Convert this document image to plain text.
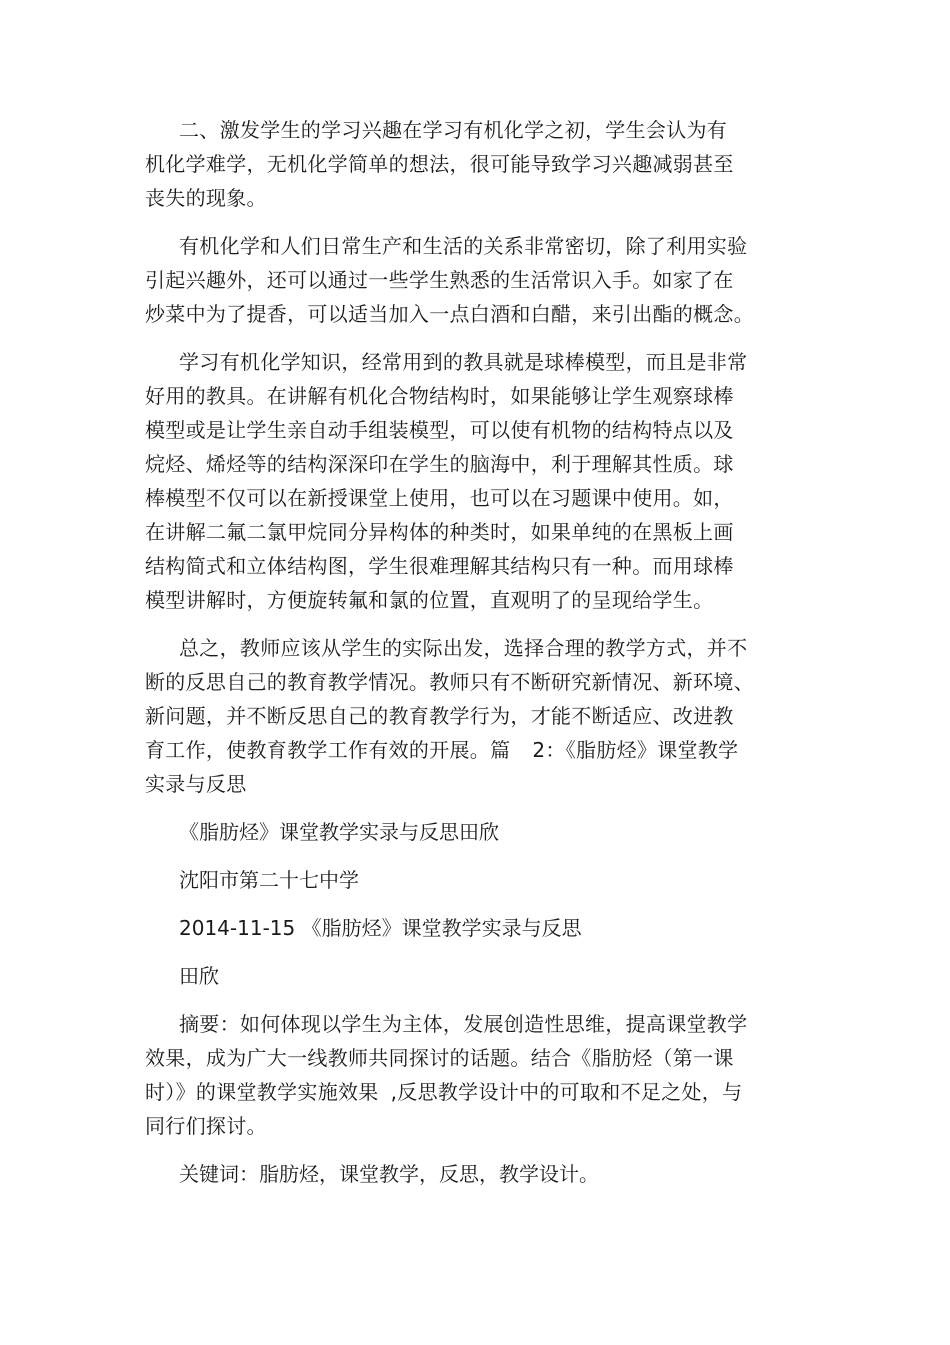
二、激发学生的学习兴趣在学习有机化学之初，学生会认为有
机化学难学，无机化学简单的想法，很可能导致学习兴趣减弱甚至
丧失的现象。

有机化学和人们日常生产和生活的关系非常密切，除了利用实验
引起兴趣外，还可以通过一些学生熟悉的生活常识入手。如家了在
炒菜中为了提香，可以适当加入一点白酒和白醋，来引出酯的概念。

学习有机化学知识，经常用到的教具就是球棒模型，而且是非常
好用的教具。在讲解有机化合物结构时，如果能够让学生观察球棒
模型或是让学生亲自动手组装模型，可以使有机物的结构特点以及
烷烃、烯烃等的结构深深印在学生的脑海中，利于理解其性质。球
棒模型不仅可以在新授课堂上使用，也可以在习题课中使用。如，
在讲解二氟二氯甲烷同分异构体的种类时，如果单纯的在黑板上画
结构简式和立体结构图，学生很难理解其结构只有一种。而用球棒
模型讲解时，方便旋转氟和氯的位置，直观明了的呈现给学生。

总之，教师应该从学生的实际出发，选择合理的教学方式，并不
断的反思自己的教育教学情况。教师只有不断研究新情况、新环境、
新问题，并不断反思自己的教育教学行为，才能不断适应、改进教
育工作，使教育教学工作有效的开展。篇 2：《脂肪烃》课堂教学
实录与反思

《脂肪烃》课堂教学实录与反思田欣

沈阳市第二十七中学

2014-11-15 《脂肪烃》课堂教学实录与反思

田欣

摘要：如何体现以学生为主体，发展创造性思维，提高课堂教学
效果，成为广大一线教师共同探讨的话题。结合《脂肪烃（第一课
时）》的课堂教学实施效果 ,反思教学设计中的可取和不足之处，与
同行们探讨。

关键词：脂肪烃，课堂教学，反思，教学设计。
